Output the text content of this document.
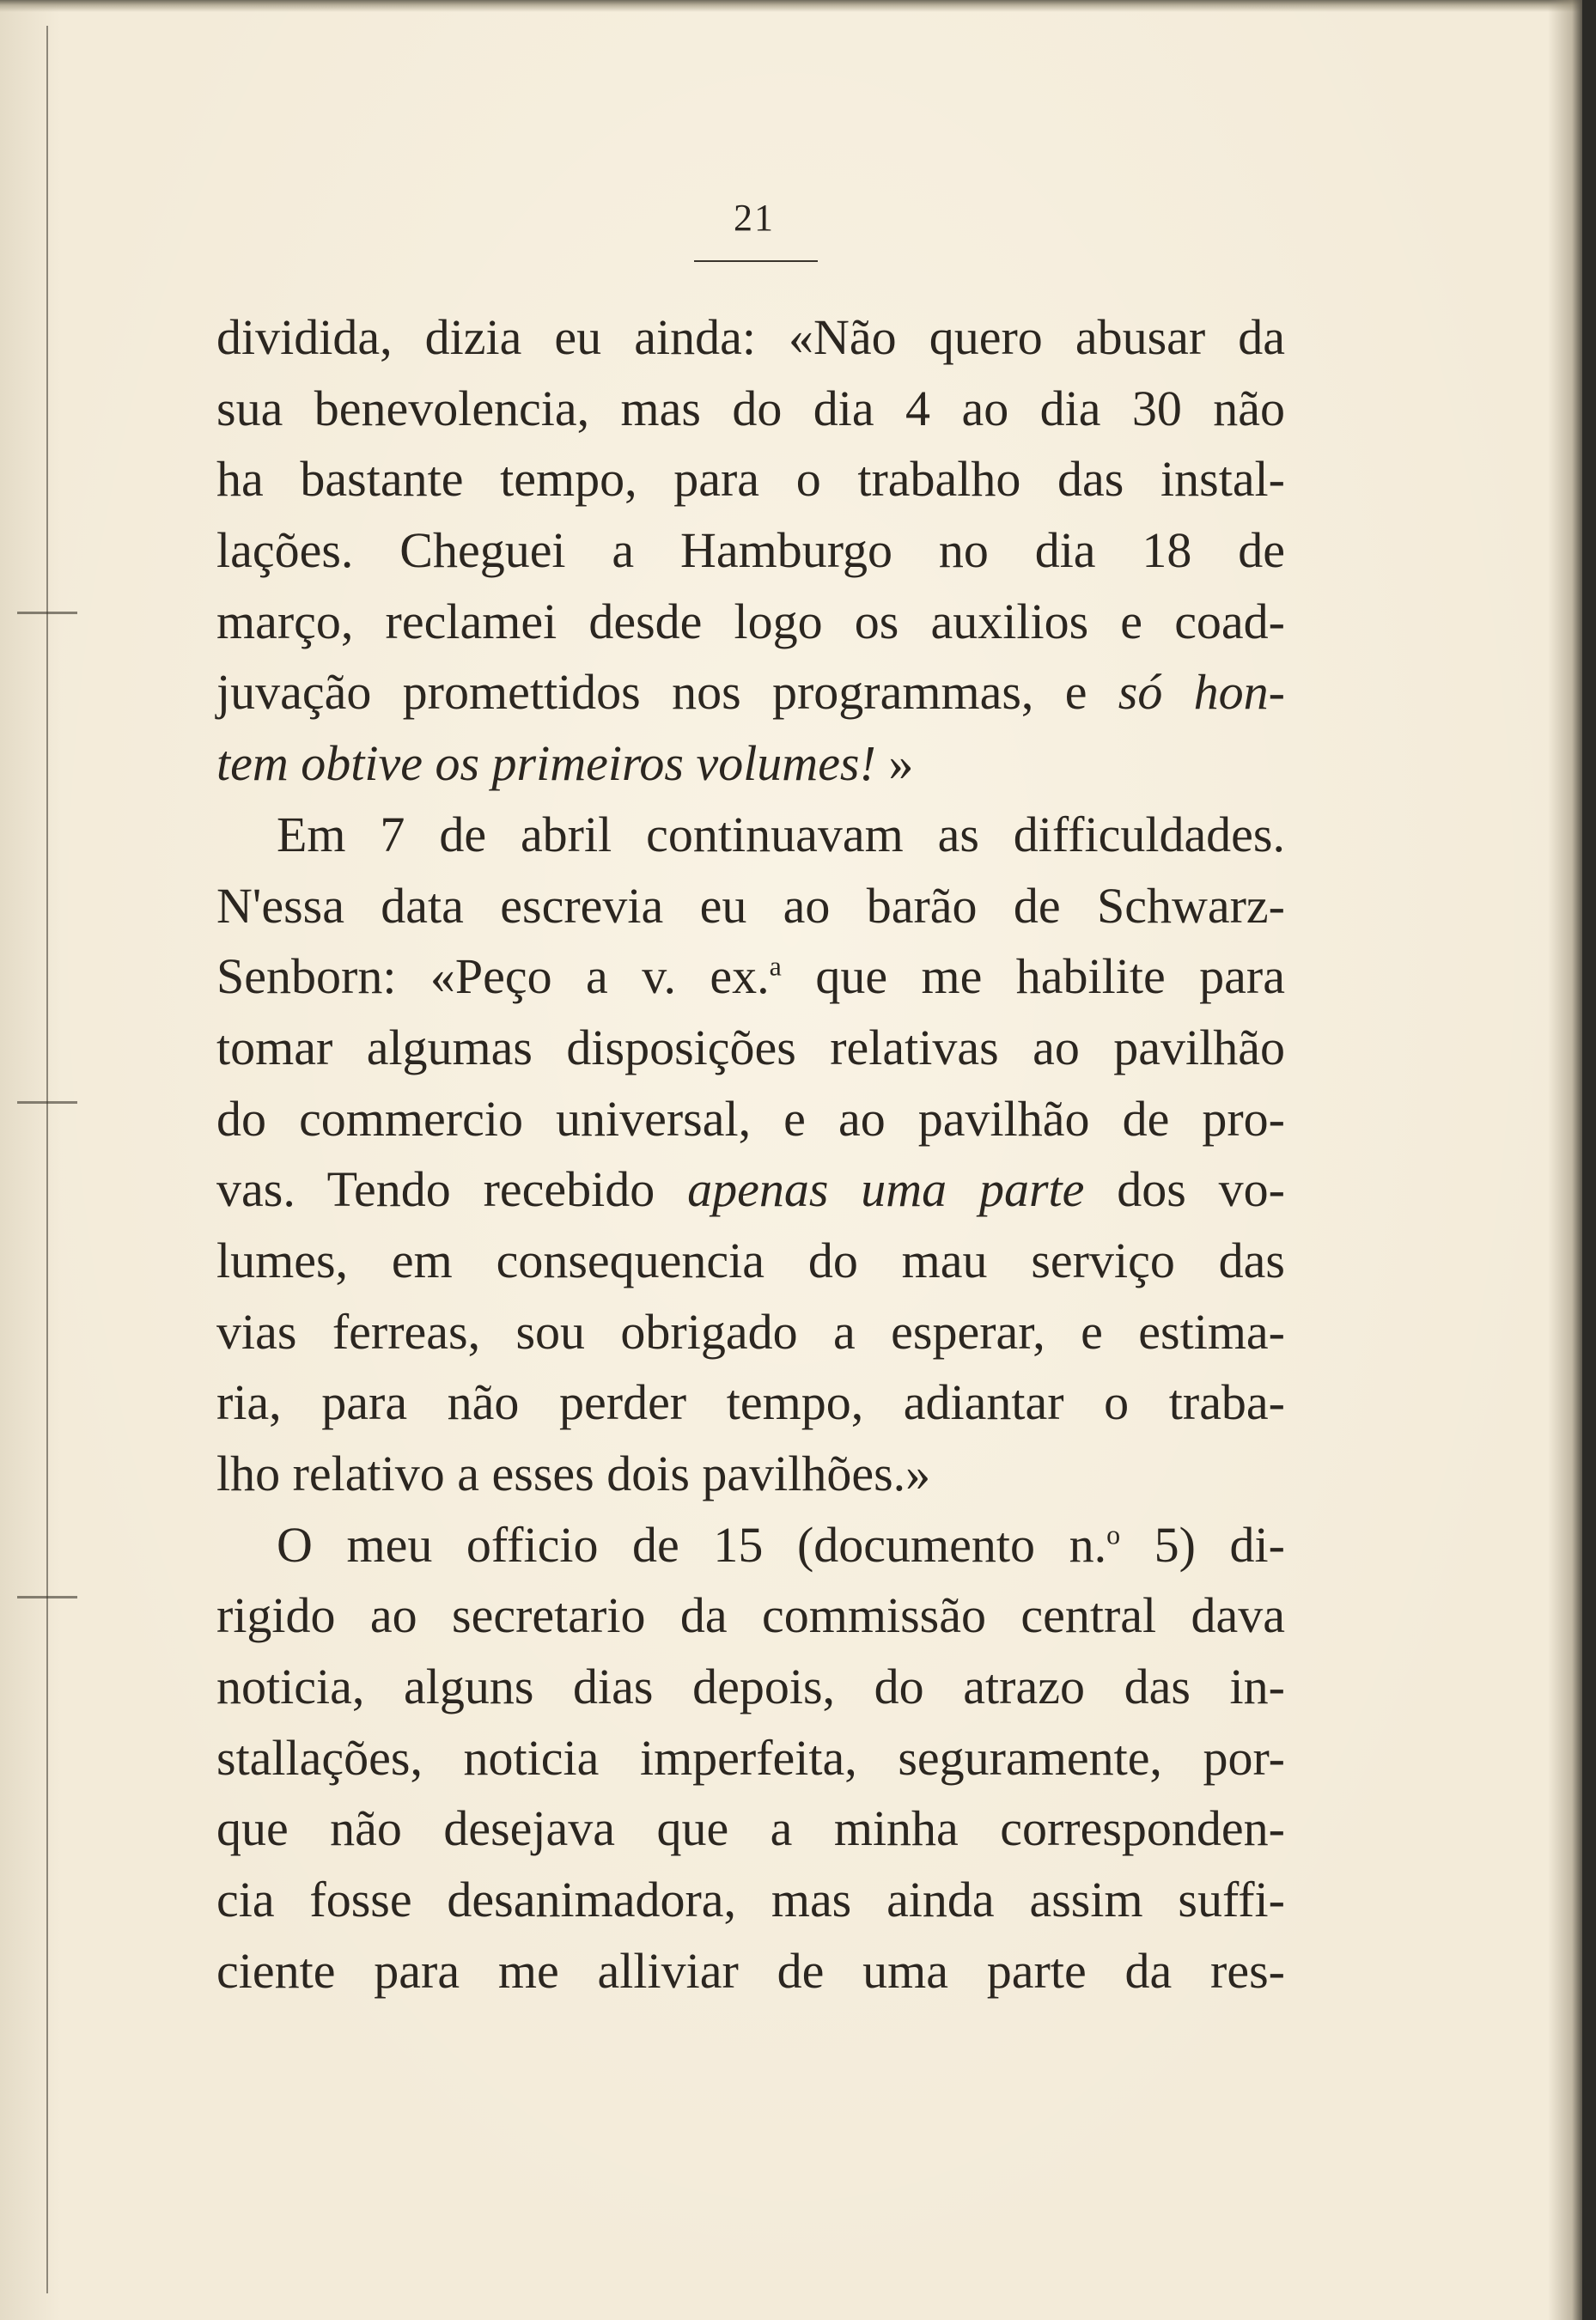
21
dividida, dizia eu ainda: «Não quero abusar da
sua benevolencia, mas do dia 4 ao dia 30 não
ha bastante tempo, para o trabalho das instal-
lações. Cheguei a Hamburgo no dia 18 de
março, reclamei desde logo os auxilios e coad-
juvação promettidos nos programmas, e só hon-
tem obtive os primeiros volumes! »
Em 7 de abril continuavam as difficuldades.
N'essa data escrevia eu ao barão de Schwarz-
Senborn: «Peço a v. ex.$^a$ que me habilite para
tomar algumas disposições relativas ao pavilhão
do commercio universal, e ao pavilhão de pro-
vas. Tendo recebido apenas uma parte dos vo-
lumes, em consequencia do mau serviço das
vias ferreas, sou obrigado a esperar, e estima-
ria, para não perder tempo, adiantar o traba-
lho relativo a esses dois pavilhões.»
O meu officio de 15 (documento n.$^o$ 5) di-
rigido ao secretario da commissão central dava
noticia, alguns dias depois, do atrazo das in-
stallações, noticia imperfeita, seguramente, por-
que não desejava que a minha corresponden-
cia fosse desanimadora, mas ainda assim suffi-
ciente para me alliviar de uma parte da res-
